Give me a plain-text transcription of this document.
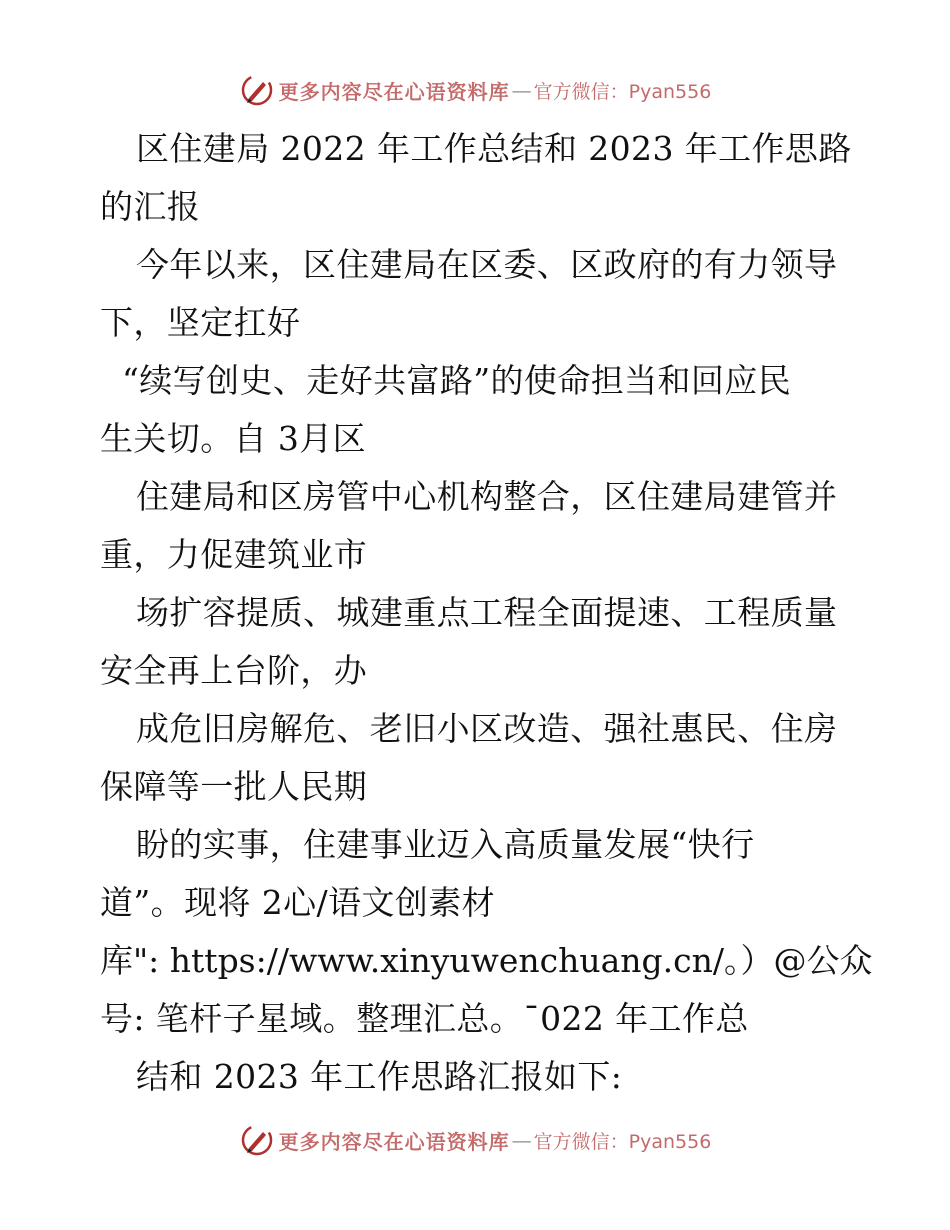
更多内容尽在心语资料库 — 官方微信：Pyan556
区住建局 2022 年工作总结和 2023 年工作思路
的汇报
今年以来，区住建局在区委、区政府的有力领导
下，坚定扛好
“续写创史、走好共富路”的使命担当和回应民
生关切。自 3月区
住建局和区房管中心机构整合，区住建局建管并
重，力促建筑业市
场扩容提质、城建重点工程全面提速、工程质量
安全再上台阶，办
成危旧房解危、老旧小区改造、强社惠民、住房
保障等一批人民期
盼的实事，住建事业迈入高质量发展“快行
道”。现将 2心/语文创素材
库": https://www.xinyuwenchuang.cn/。）@公众
号: 笔杆子星域。整理汇总。¯022 年工作总
结和 2023 年工作思路汇报如下:
更多内容尽在心语资料库 — 官方微信：Pyan556
